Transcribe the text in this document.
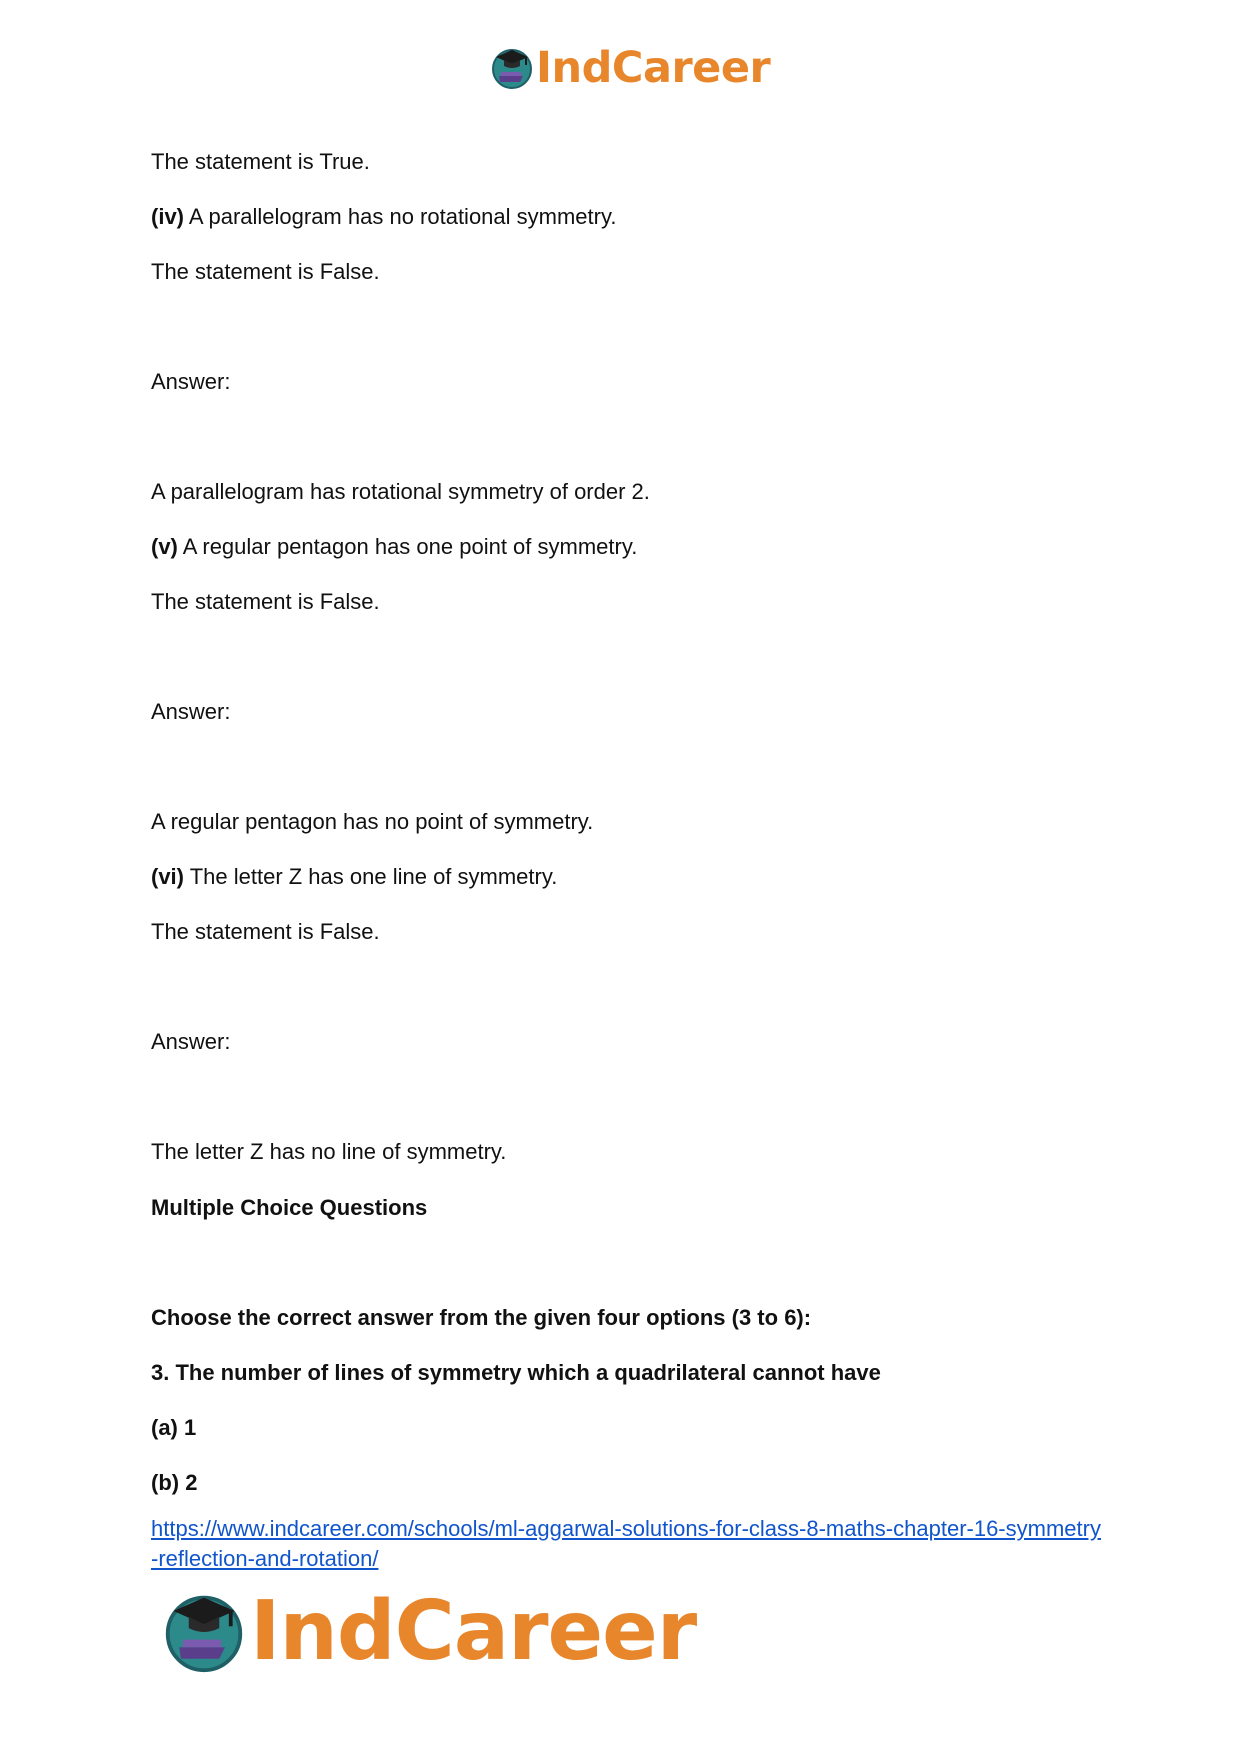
IndCareer

The statement is True.

(iv) A parallelogram has no rotational symmetry.

The statement is False.

Answer:

A parallelogram has rotational symmetry of order 2.

(v) A regular pentagon has one point of symmetry.

The statement is False.

Answer:

A regular pentagon has no point of symmetry.

(vi) The letter Z has one line of symmetry.

The statement is False.

Answer:

The letter Z has no line of symmetry.

Multiple Choice Questions

Choose the correct answer from the given four options (3 to 6):

3. The number of lines of symmetry which a quadrilateral cannot have

(a) 1

(b) 2

https://www.indcareer.com/schools/ml-aggarwal-solutions-for-class-8-maths-chapter-16-symmetry-reflection-and-rotation/

IndCareer
